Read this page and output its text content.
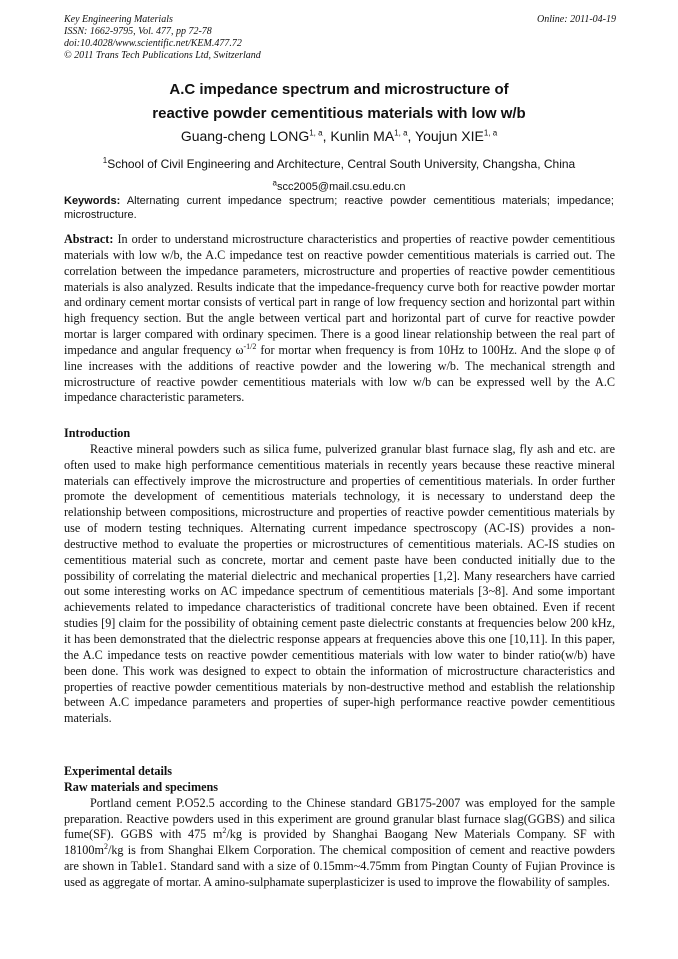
Key Engineering Materials
ISSN: 1662-9795, Vol. 477, pp 72-78
doi:10.4028/www.scientific.net/KEM.477.72
© 2011 Trans Tech Publications Ltd, Switzerland
Online: 2011-04-19
A.C impedance spectrum and microstructure of
reactive powder cementitious materials with low w/b
Guang-cheng LONG$^{1, a}$, Kunlin MA$^{1, a}$, Youjun XIE$^{1, a}$
$^1$School of Civil Engineering and Architecture, Central South University, Changsha, China
$^a$scc2005@mail.csu.edu.cn
Keywords: Alternating current impedance spectrum; reactive powder cementitious materials; impedance; microstructure.

Abstract: In order to understand microstructure characteristics and properties of reactive powder cementitious materials with low w/b, the A.C impedance test on reactive powder cementitious materials is carried out. The correlation between the impedance parameters, microstructure and properties of reactive powder cementitious materials is also analyzed. Results indicate that the impedance-frequency curve both for reactive powder mortar and ordinary cement mortar consists of vertical part in range of low frequency section and horizontal part within high frequency section. But the angle between vertical part and horizontal part of curve for reactive powder mortar is larger compared with ordinary specimen. There is a good linear relationship between the real part of impedance and angular frequency $\omega^{-1/2}$ for mortar when frequency is from 10Hz to 100Hz. And the slope φ of line increases with the additions of reactive powder and the lowering w/b. The mechanical strength and microstructure of reactive powder cementitious materials with low w/b can be expressed well by the A.C impedance characteristic parameters.

Introduction

Reactive mineral powders such as silica fume, pulverized granular blast furnace slag, fly ash and etc. are often used to make high performance cementitious materials in recently years because these reactive mineral materials can effectively improve the microstructure and properties of cementitious materials. In order further promote the development of cementitious materials technology, it is necessary to understand deep the relationship between compositions, microstructure and properties of reactive powder cementitious materials by use of modern testing techniques. Alternating current impedance spectroscopy (AC-IS) provides a non-destructive method to evaluate the properties or microstructures of cementitious materials. AC-IS studies on cementitious material such as concrete, mortar and cement paste have been conducted initially due to the possibility of correlating the material dielectric and mechanical properties [1,2]. Many researchers have carried out some interesting works on AC impedance spectrum of cementitious materials [3~8]. And some important achievements related to impedance characteristics of traditional concrete have been obtained. Even if recent studies [9] claim for the possibility of obtaining cement paste dielectric constants at frequencies below 200 kHz, it has been demonstrated that the dielectric response appears at frequencies above this one [10,11]. In this paper, the A.C impedance tests on reactive powder cementitious materials with low water to binder ratio(w/b) have been done. This work was designed to expect to obtain the information of microstructure characteristics and properties of reactive powder cementitious materials by non-destructive method and establish the relationship between A.C impedance parameters and properties of super-high performance reactive powder cementitious materials.

Experimental details

Raw materials and specimens

Portland cement P.O52.5 according to the Chinese standard GB175-2007 was employed for the sample preparation. Reactive powders used in this experiment are ground granular blast furnace slag(GGBS) and silica fume(SF). GGBS with 475 $m^2/kg$ is provided by Shanghai Baogang New Materials Company. SF with $18100m^2/kg$ is from Shanghai Elkem Corporation. The chemical composition of cement and reactive powders are shown in Table1. Standard sand with a size of 0.15mm~4.75mm from Pingtan County of Fujian Province is used as aggregate of mortar. A amino-sulphamate superplasticizer is used to improve the flowability of samples.
